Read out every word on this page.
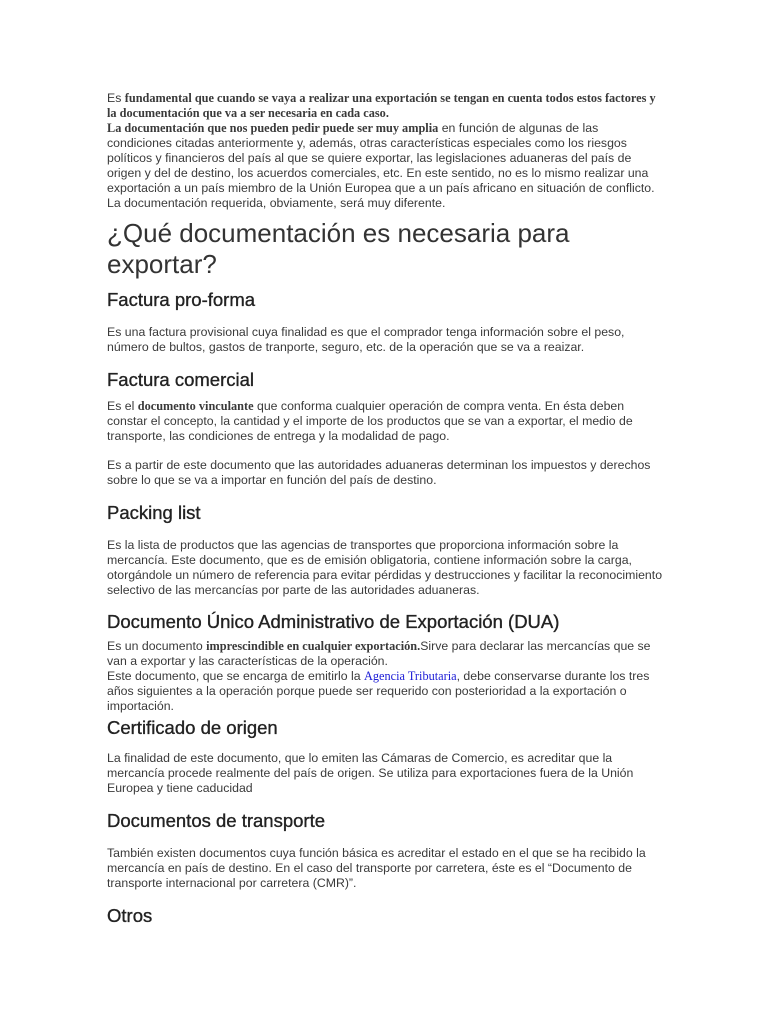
Es fundamental que cuando se vaya a realizar una exportación se tengan en cuenta todos estos factores y la documentación que va a ser necesaria en cada caso.

La documentación que nos pueden pedir puede ser muy amplia en función de algunas de las condiciones citadas anteriormente y, además, otras características especiales como los riesgos políticos y financieros del país al que se quiere exportar, las legislaciones aduaneras del país de origen y del de destino, los acuerdos comerciales, etc. En este sentido, no es lo mismo realizar una exportación a un país miembro de la Unión Europea que a un país africano en situación de conflicto. La documentación requerida, obviamente, será muy diferente.

¿Qué documentación es necesaria para exportar?
Factura pro-forma

Es una factura provisional cuya finalidad es que el comprador tenga información sobre el peso, número de bultos, gastos de tranporte, seguro, etc. de la operación que se va a reaizar.

Factura comercial

Es el documento vinculante que conforma cualquier operación de compra venta. En ésta deben constar el concepto, la cantidad y el importe de los productos que se van a exportar, el medio de transporte, las condiciones de entrega y la modalidad de pago.

Es a partir de este documento que las autoridades aduaneras determinan los impuestos y derechos sobre lo que se va a importar en función del país de destino.

Packing list

Es la lista de productos que las agencias de transportes que proporciona información sobre la mercancía. Este documento, que es de emisión obligatoria, contiene información sobre la carga, otorgándole un número de referencia para evitar pérdidas y destrucciones y facilitar la reconocimiento selectivo de las mercancías por parte de las autoridades aduaneras.

Documento Único Administrativo de Exportación (DUA)

Es un documento imprescindible en cualquier exportación.Sirve para declarar las mercancías que se van a exportar y las características de la operación.

Este documento, que se encarga de emitirlo la Agencia Tributaria, debe conservarse durante los tres años siguientes a la operación porque puede ser requerido con posterioridad a la exportación o importación.

Certificado de origen

La finalidad de este documento, que lo emiten las Cámaras de Comercio, es acreditar que la mercancía procede realmente del país de origen. Se utiliza para exportaciones fuera de la Unión Europea y tiene caducidad

Documentos de transporte

También existen documentos cuya función básica es acreditar el estado en el que se ha recibido la mercancía en país de destino. En el caso del transporte por carretera, éste es el “Documento de transporte internacional por carretera (CMR)”.

Otros
